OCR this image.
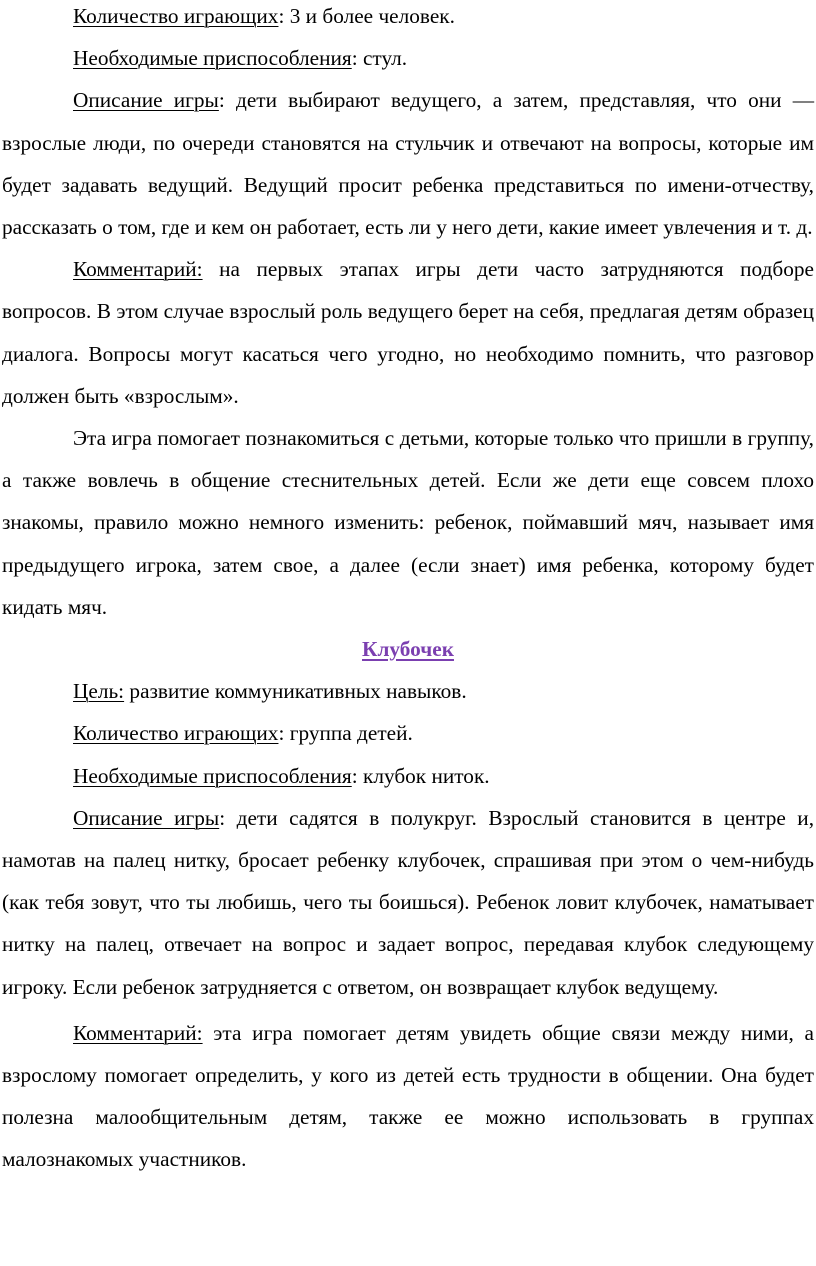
Количество играющих: 3 и более человек.

Необходимые приспособления: стул.

Описание игры: дети выбирают ведущего, а затем, представляя, что они — взрослые люди, по очереди становятся на стульчик и отвечают на вопросы, которые им будет задавать ведущий. Ведущий просит ребенка представиться по имени-отчеству, рассказать о том, где и кем он работает, есть ли у него дети, какие имеет увлечения и т. д.

Комментарий: на первых этапах игры дети часто затрудняются подборе вопросов. В этом случае взрослый роль ведущего берет на себя, предлагая детям образец диалога. Вопросы могут касаться чего угодно, но необходимо помнить, что разговор должен быть «взрослым».

Эта игра помогает познакомиться с детьми, которые только что пришли в группу, а также вовлечь в общение стеснительных детей. Если же дети еще совсем плохо знакомы, правило можно немного изменить: ребенок, поймавший мяч, называет имя предыдущего игрока, затем свое, а далее (если знает) имя ребенка, которому будет кидать мяч.

Клубочек

Цель: развитие коммуникативных навыков.

Количество играющих: группа детей.

Необходимые приспособления: клубок ниток.

Описание игры: дети садятся в полукруг. Взрослый становится в центре и, намотав на палец нитку, бросает ребенку клубочек, спрашивая при этом о чем-нибудь (как тебя зовут, что ты любишь, чего ты боишься). Ребенок ловит клубочек, наматывает нитку на палец, отвечает на вопрос и задает вопрос, передавая клубок следующему игроку. Если ребенок затрудняется с ответом, он возвращает клубок ведущему.

Комментарий: эта игра помогает детям увидеть общие связи между ними, а взрослому помогает определить, у кого из детей есть трудности в общении. Она будет полезна малообщительным детям, также ее можно использовать в группах малознакомых участников.
